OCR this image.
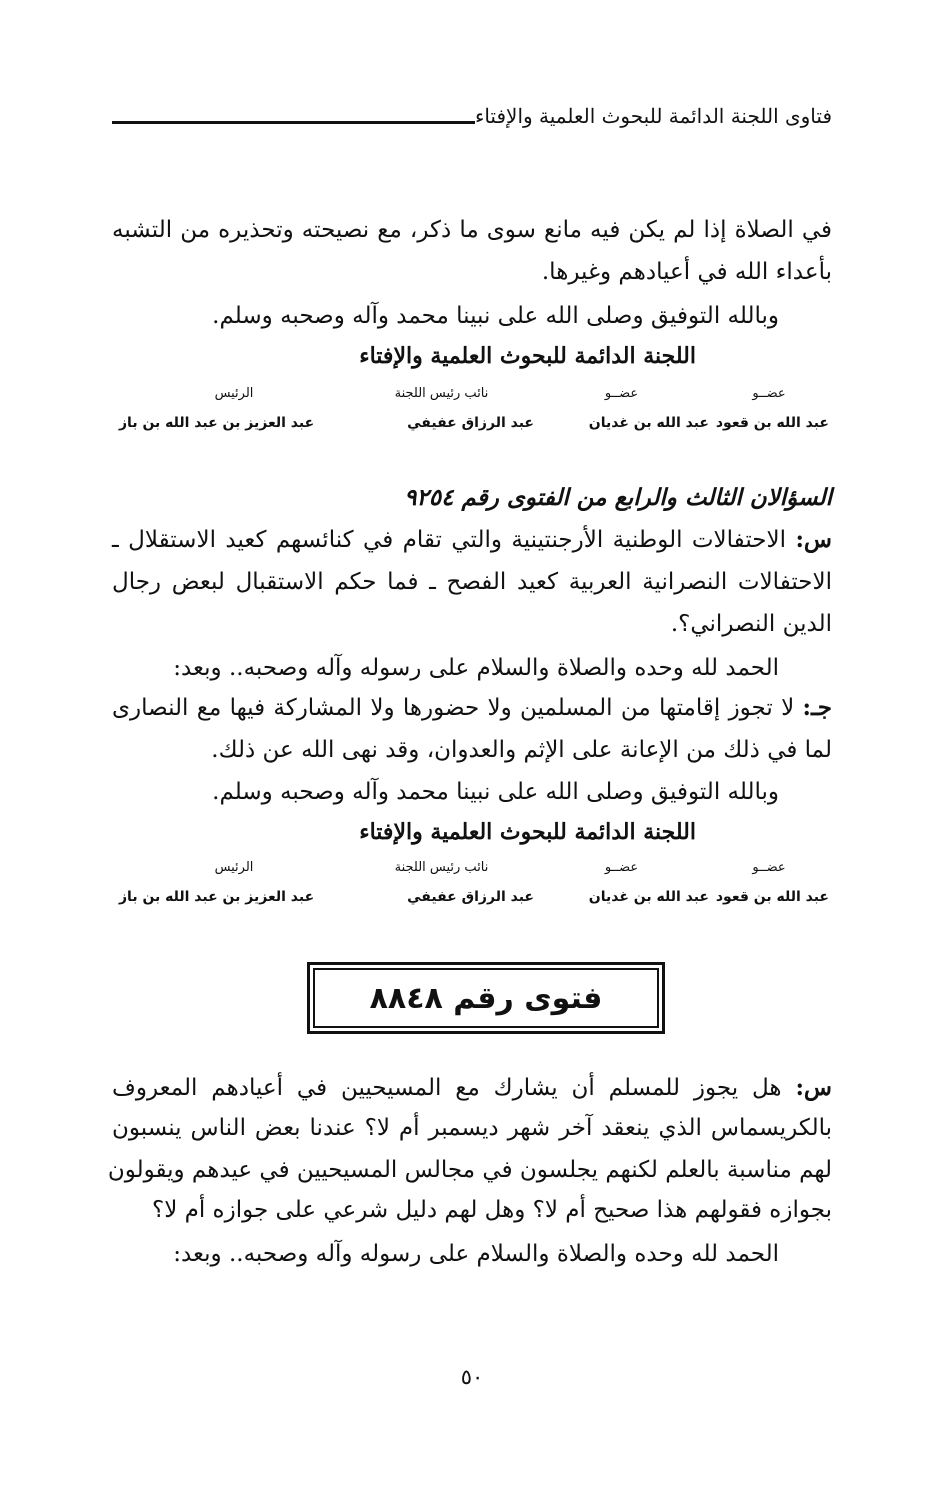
فتاوى اللجنة الدائمة للبحوث العلمية والإفتاء
في الصلاة إذا لم يكن فيه مانع سوى ما ذكر، مع نصيحته وتحذيره من التشبه
بأعداء الله في أعيادهم وغيرها.
وبالله التوفيق وصلى الله على نبينا محمد وآله وصحبه وسلم.
اللجنة الدائمة للبحوث العلمية والإفتاء
عضــو
عضــو
نائب رئيس اللجنة
الرئيس
عبد الله بن قعود
عبد الله بن غديان
عبد الرزاق عفيفي
عبد العزيز بن عبد الله بن باز
السؤالان الثالث والرابع من الفتوى رقم ٩٢٥٤
س: الاحتفالات الوطنية الأرجنتينية والتي تقام في كنائسهم كعيد الاستقلال ـ
الاحتفالات النصرانية العربية كعيد الفصح ـ فما حكم الاستقبال لبعض رجال
الدين النصراني؟.
الحمد لله وحده والصلاة والسلام على رسوله وآله وصحبه.. وبعد:
جـ: لا تجوز إقامتها من المسلمين ولا حضورها ولا المشاركة فيها مع النصارى
لما في ذلك من الإعانة على الإثم والعدوان، وقد نهى الله عن ذلك.
وبالله التوفيق وصلى الله على نبينا محمد وآله وصحبه وسلم.
اللجنة الدائمة للبحوث العلمية والإفتاء
عضــو
عضــو
نائب رئيس اللجنة
الرئيس
عبد الله بن قعود
عبد الله بن غديان
عبد الرزاق عفيفي
عبد العزيز بن عبد الله بن باز
فتوى رقم ٨٨٤٨
س: هل يجوز للمسلم أن يشارك مع المسيحيين في أعيادهم المعروف
بالكريسماس الذي ينعقد آخر شهر ديسمبر أم لا؟ عندنا بعض الناس ينسبون
لهم مناسبة بالعلم لكنهم يجلسون في مجالس المسيحيين في عيدهم ويقولون
بجوازه فقولهم هذا صحيح أم لا؟ وهل لهم دليل شرعي على جوازه أم لا؟
الحمد لله وحده والصلاة والسلام على رسوله وآله وصحبه.. وبعد:
٥٠
